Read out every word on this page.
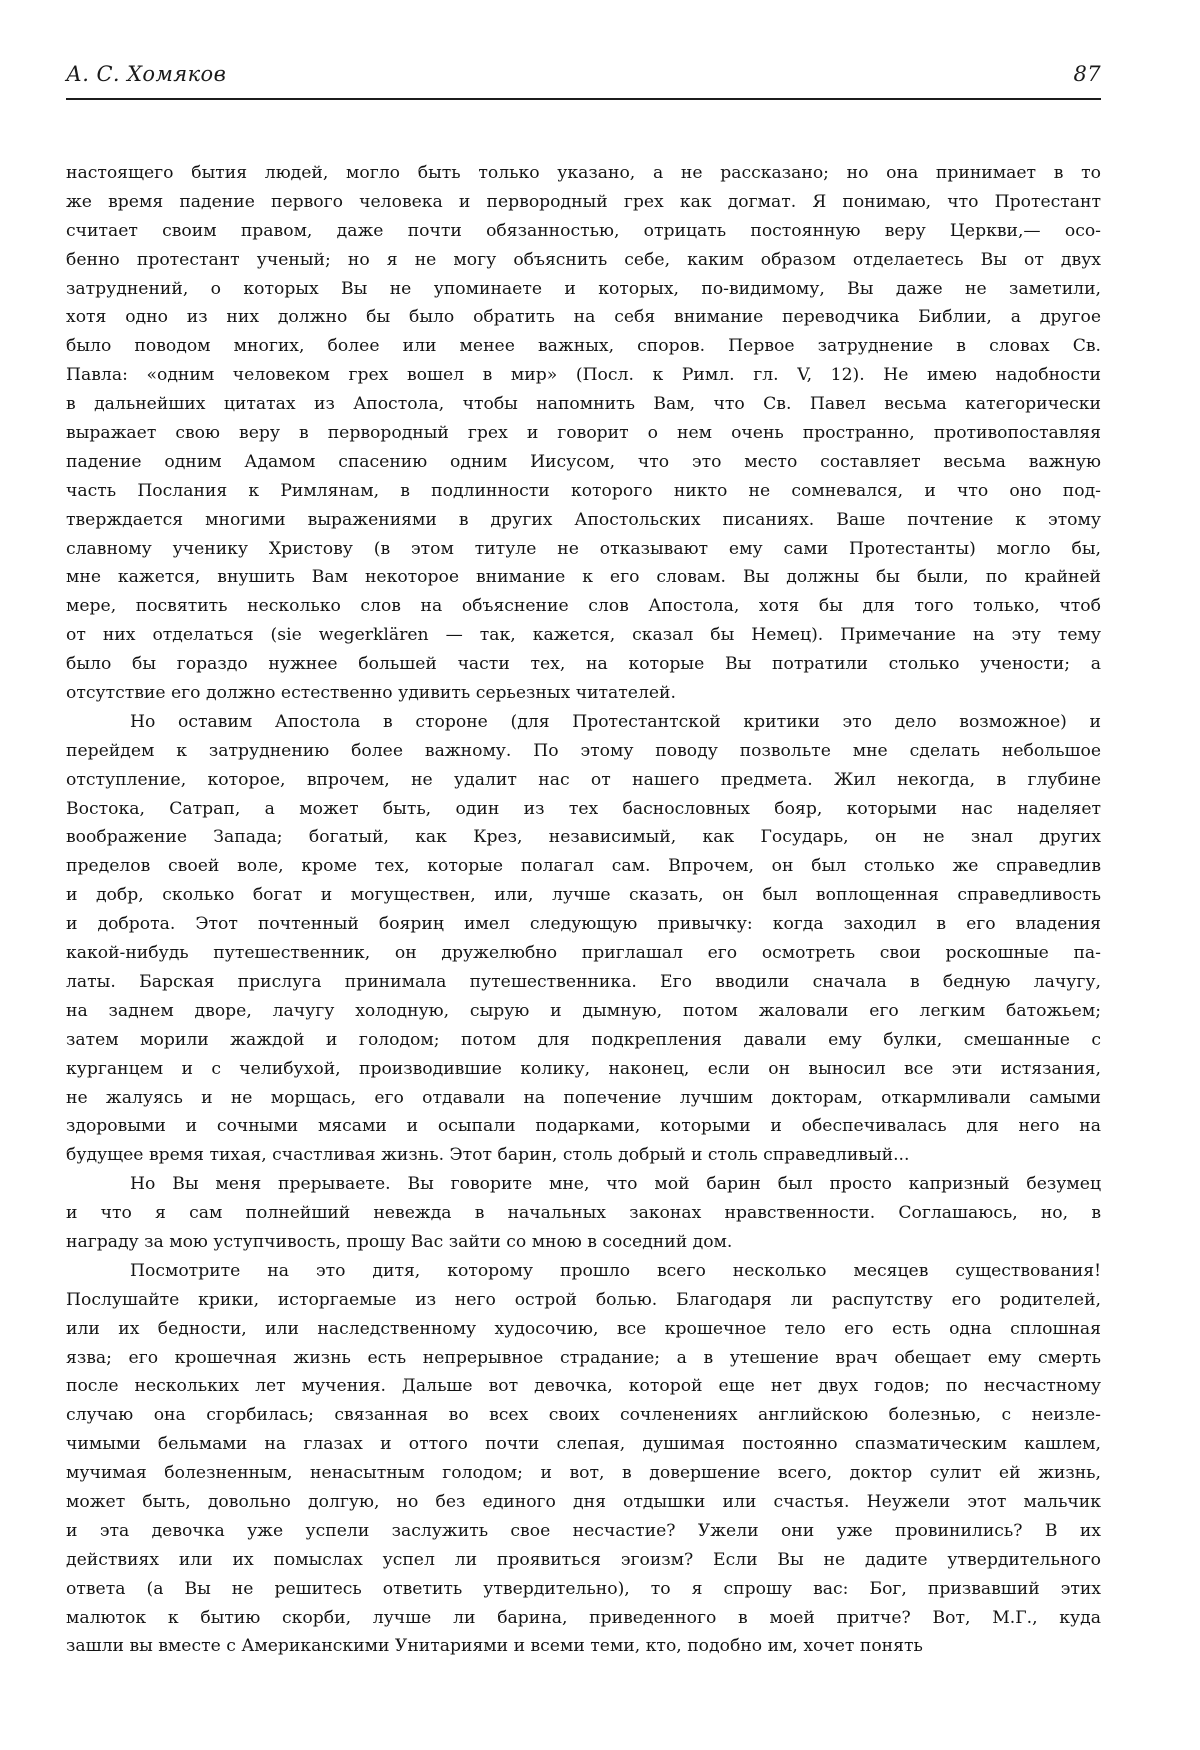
А. С. Хомяков	87
настоящего бытия людей, могло быть только указано, а не рассказано; но она принимает в то
же время падение первого человека и первородный грех как догмат. Я понимаю, что Протестант
считает своим правом, даже почти обязанностью, отрицать постоянную веру Церкви,— осо-
бенно протестант ученый; но я не могу объяснить себе, каким образом отделаетесь Вы от двух
затруднений, о которых Вы не упоминаете и которых, по-видимому, Вы даже не заметили,
хотя одно из них должно бы было обратить на себя внимание переводчика Библии, а другое
было поводом многих, более или менее важных, споров. Первое затруднение в словах Св.
Павла: «одним человеком грех вошел в мир» (Посл. к Римл. гл. V, 12). Не имею надобности
в дальнейших цитатах из Апостола, чтобы напомнить Вам, что Св. Павел весьма категорически
выражает свою веру в первородный грех и говорит о нем очень пространно, противопоставляя
падение одним Адамом спасению одним Иисусом, что это место составляет весьма важную
часть Послания к Римлянам, в подлинности которого никто не сомневался, и что оно под-
тверждается многими выражениями в других Апостольских писаниях. Ваше почтение к этому
славному ученику Христову (в этом титуле не отказывают ему сами Протестанты) могло бы,
мне кажется, внушить Вам некоторое внимание к его словам. Вы должны бы были, по крайней
мере, посвятить несколько слов на объяснение слов Апостола, хотя бы для того только, чтоб
от них отделаться (sie wegerklären — так, кажется, сказал бы Немец). Примечание на эту тему
было бы гораздо нужнее большей части тех, на которые Вы потратили столько учености; а
отсутствие его должно естественно удивить серьезных читателей.
Но оставим Апостола в стороне (для Протестантской критики это дело возможное) и
перейдем к затруднению более важному. По этому поводу позвольте мне сделать небольшое
отступление, которое, впрочем, не удалит нас от нашего предмета. Жил некогда, в глубине
Востока, Сатрап, а может быть, один из тех баснословных бояр, которыми нас наделяет
воображение Запада; богатый, как Крез, независимый, как Государь, он не знал других
пределов своей воле, кроме тех, которые полагал сам. Впрочем, он был столько же справедлив
и добр, сколько богат и могуществен, или, лучше сказать, он был воплощенная справедливость
и доброта. Этот почтенный бояриң имел следующую привычку: когда заходил в его владения
какой-нибудь путешественник, он дружелюбно приглашал его осмотреть свои роскошные па-
латы. Барская прислуга принимала путешественника. Его вводили сначала в бедную лачугу,
на заднем дворе, лачугу холодную, сырую и дымную, потом жаловали его легким батожьем;
затем морили жаждой и голодом; потом для подкрепления давали ему булки, смешанные с
курганцем и с челибухой, производившие колику, наконец, если он выносил все эти истязания,
не жалуясь и не морщась, его отдавали на попечение лучшим докторам, откармливали самыми
здоровыми и сочными мясами и осыпали подарками, которыми и обеспечивалась для него на
будущее время тихая, счастливая жизнь. Этот барин, столь добрый и столь справедливый...
Но Вы меня прерываете. Вы говорите мне, что мой барин был просто капризный безумец
и что я сам полнейший невежда в начальных законах нравственности. Соглашаюсь, но, в
награду за мою уступчивость, прошу Вас зайти со мною в соседний дом.
Посмотрите на это дитя, которому прошло всего несколько месяцев существования!
Послушайте крики, исторгаемые из него острой болью. Благодаря ли распутству его родителей,
или их бедности, или наследственному худосочию, все крошечное тело его есть одна сплошная
язва; его крошечная жизнь есть непрерывное страдание; а в утешение врач обещает ему смерть
после нескольких лет мучения. Дальше вот девочка, которой еще нет двух годов; по несчастному
случаю она сгорбилась; связанная во всех своих сочленениях английскою болезнью, с неизле-
чимыми бельмами на глазах и оттого почти слепая, душимая постоянно спазматическим кашлем,
мучимая болезненным, ненасытным голодом; и вот, в довершение всего, доктор сулит ей жизнь,
может быть, довольно долгую, но без единого дня отдышки или счастья. Неужели этот мальчик
и эта девочка уже успели заслужить свое несчастие? Ужели они уже провинились? В их
действиях или их помыслах успел ли проявиться эгоизм? Если Вы не дадите утвердительного
ответа (а Вы не решитесь ответить утвердительно), то я спрошу вас: Бог, призвавший этих
малюток к бытию скорби, лучше ли барина, приведенного в моей притче? Вот, М.Г., куда
зашли вы вместе с Американскими Унитариями и всеми теми, кто, подобно им, хочет понять
